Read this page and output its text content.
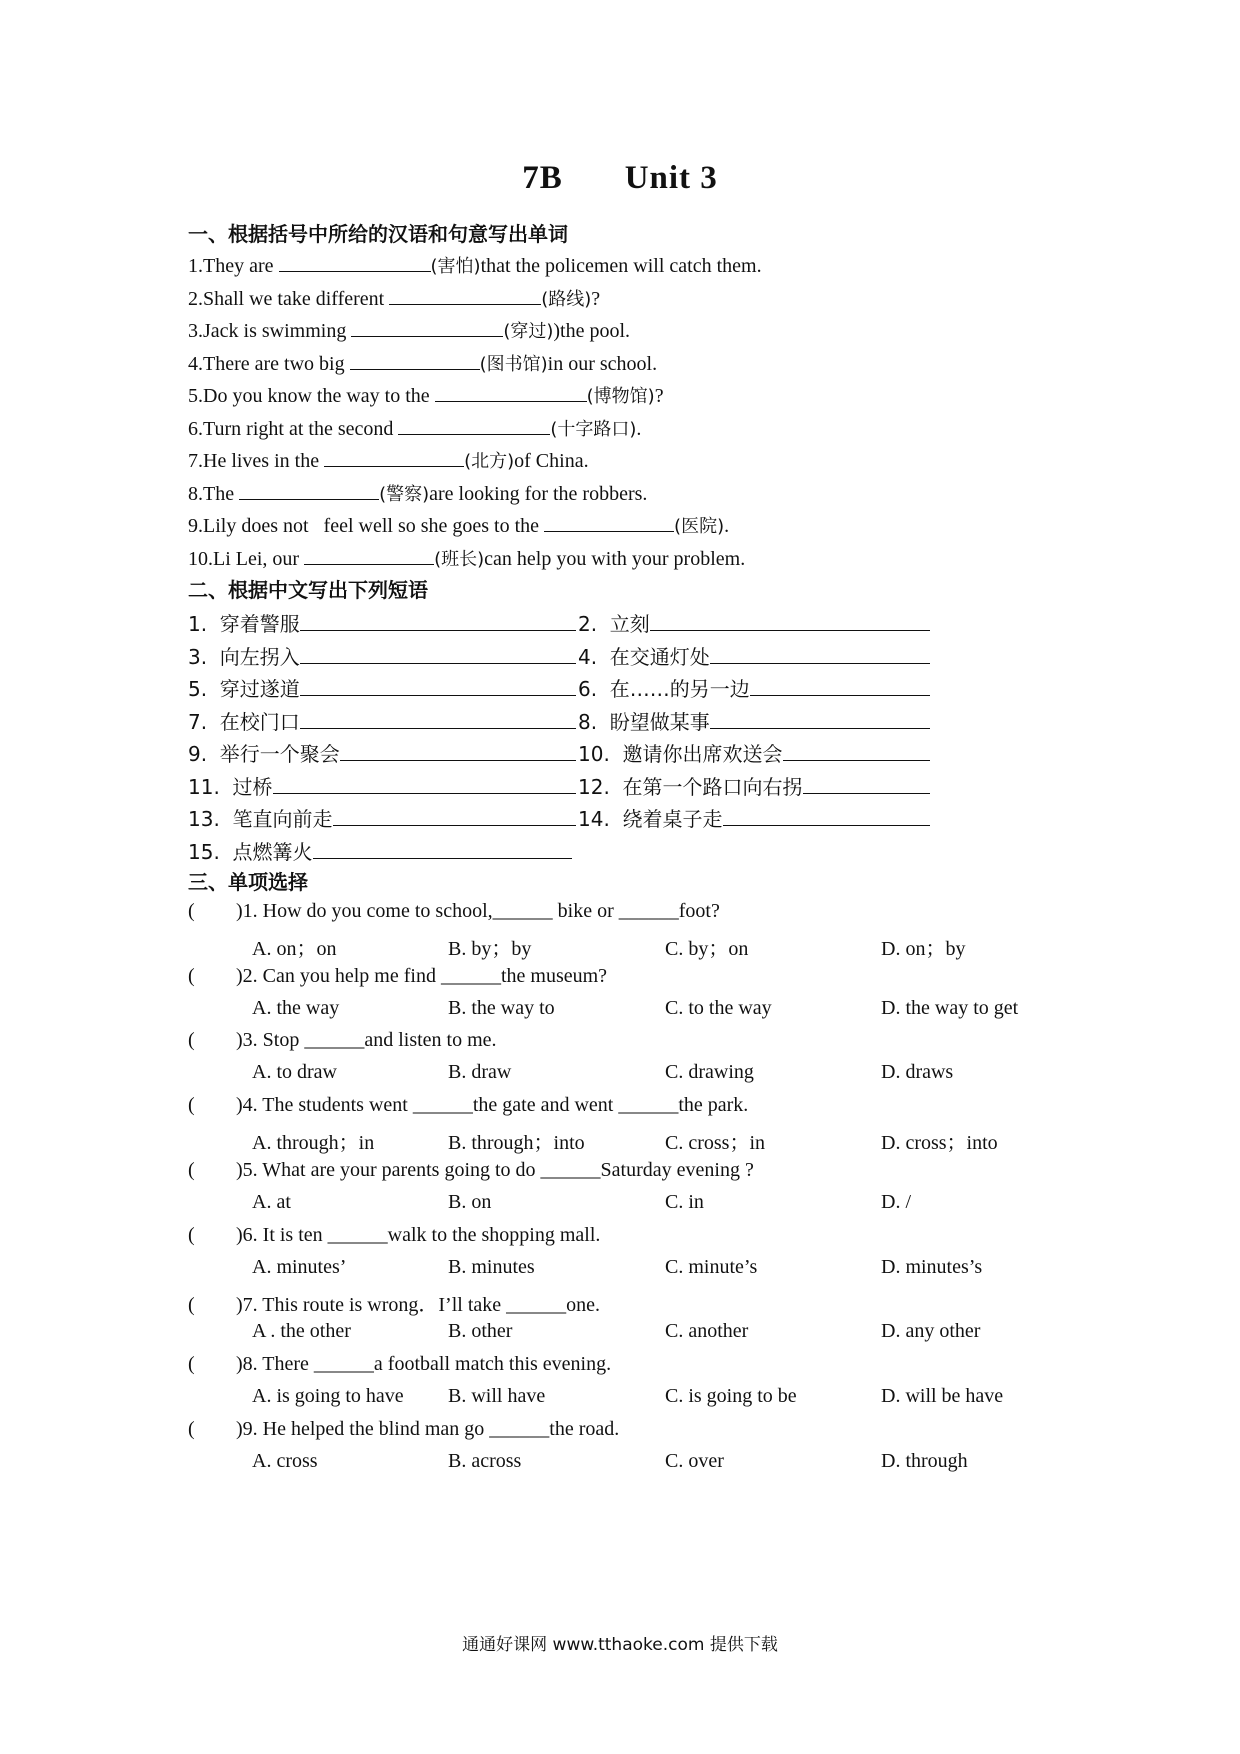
7B Unit 3
一、根据括号中所给的汉语和句意写出单词
1.They are	(害怕)that the policemen will catch them.
2.Shall we take different	(路线)?
3.Jack is swimming	(穿过))the pool.
4.There are two big	(图书馆)in our school.
5.Do you know the way to the	(博物馆)?
6.Turn right at the second	(十字路口).
7.He lives in the	(北方)of China.
8.The	(警察)are looking for the robbers.
9.Lily does not   feel well so she goes to the	(医院).
10.Li Lei, our	(班长)can help you with your problem.
二、根据中文写出下列短语
1.  穿着警服	2.  立刻
3.  向左拐入	4.  在交通灯处
5.  穿过遂道	6.  在……的另一边
7.  在校门口	8.  盼望做某事
9.  举行一个聚会	10.  邀请你出席欢送会
11.  过桥	12.  在第一个路口向右拐
13.  笔直向前走	14.  绕着桌子走
15.  点燃篝火
三、单项选择
( )1. How do you come to school,______ bike or ______foot?
A. on；on	B. by；by	C. by；on	D. on；by
( )2. Can you help me find ______the museum?
A. the way	B. the way to	C. to the way	D. the way to get
( )3. Stop ______and listen to me.
A. to draw	B. draw	C. drawing	D. draws
( )4. The students went ______the gate and went ______the park.
A. through；in	B. through；into	C. cross；in	D. cross；into
( )5. What are your parents going to do ______Saturday evening ?
A. at	B. on	C. in	D. /
( )6. It is ten ______walk to the shopping mall.
A. minutes’	B. minutes	C. minute’s	D. minutes’s
( )7. This route is wrong．I’ll take ______one.
A . the other	B. other	C. another	D. any other
( )8. There ______a football match this evening.
A. is going to have B. will have	C. is going to be	D. will be have
( )9. He helped the blind man go ______the road.
A. cross	B. across	C. over	D. through
通通好课网 www.tthaoke.com 提供下载
